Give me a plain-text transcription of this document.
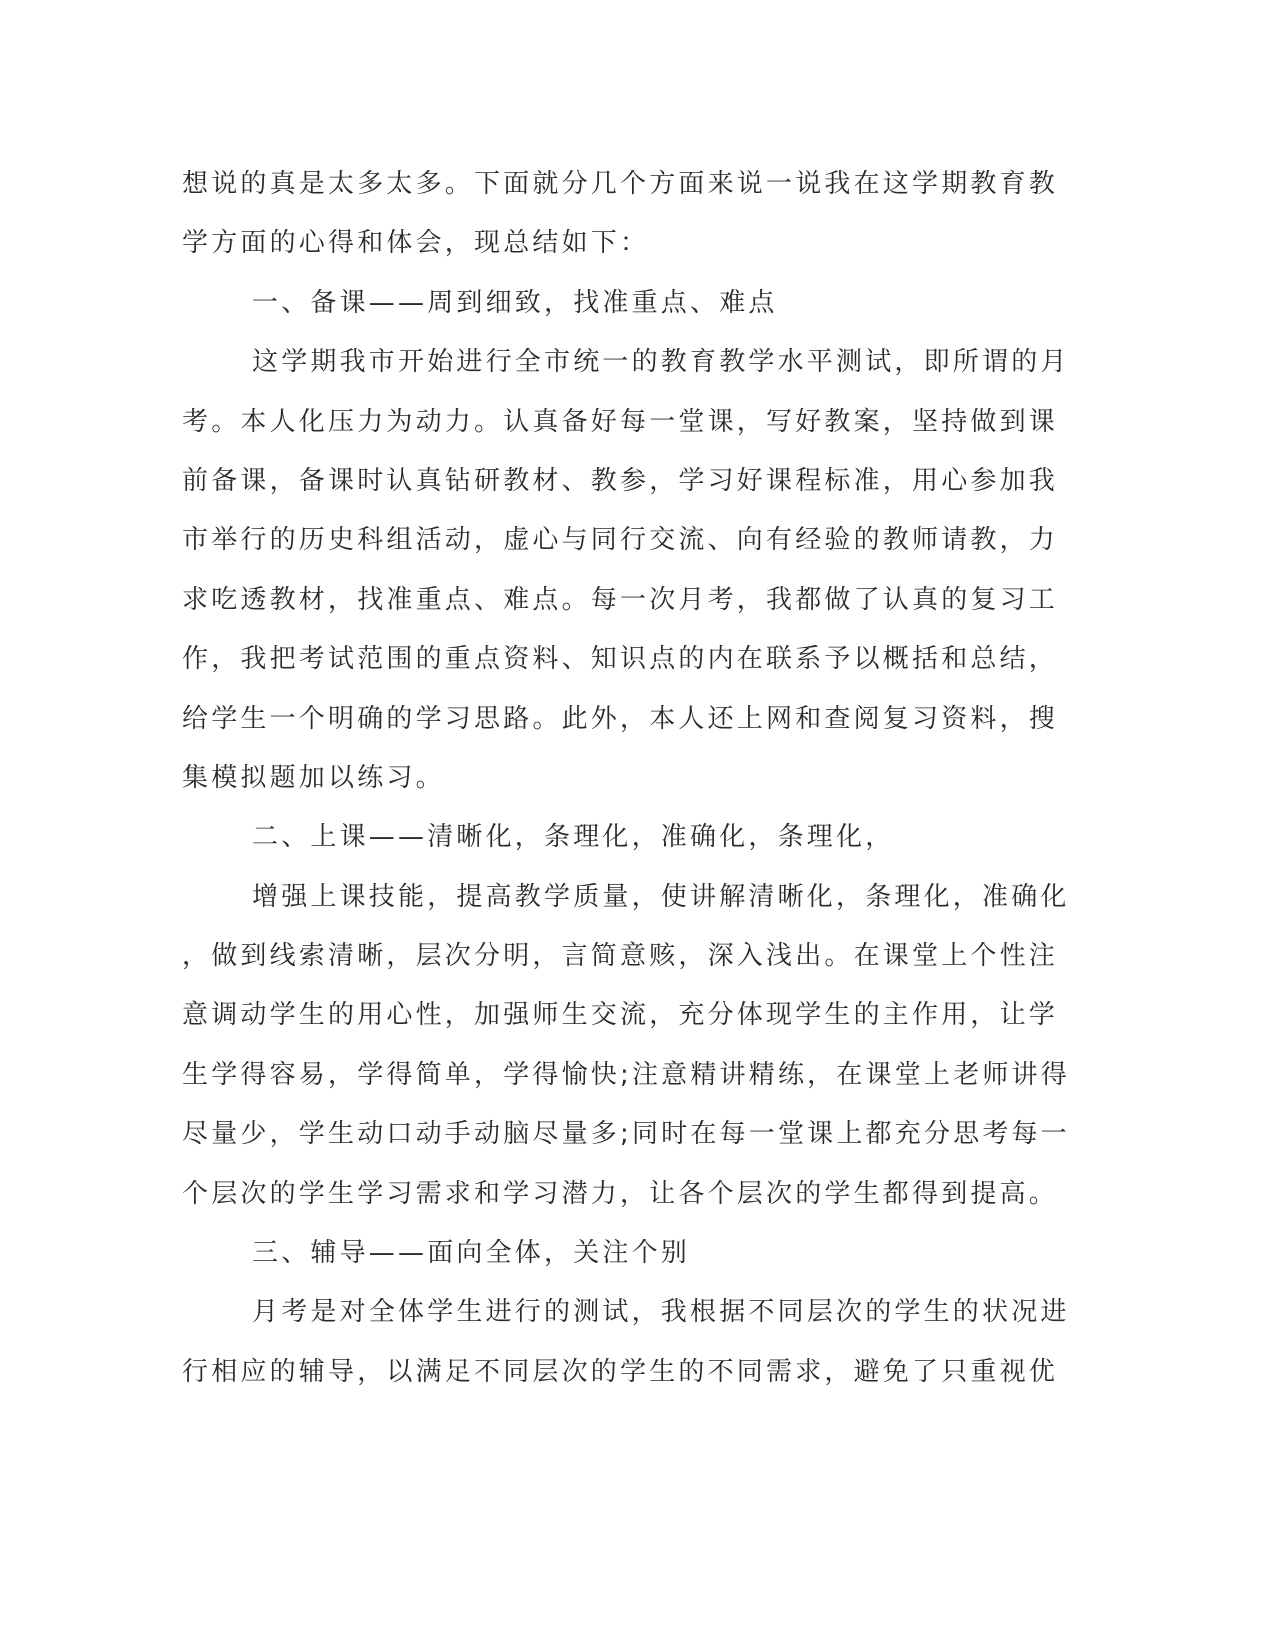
想说的真是太多太多。下面就分几个方面来说一说我在这学期教育教
学方面的心得和体会，现总结如下：
一、备课——周到细致，找准重点、难点
这学期我市开始进行全市统一的教育教学水平测试，即所谓的月
考。本人化压力为动力。认真备好每一堂课，写好教案，坚持做到课
前备课，备课时认真钻研教材、教参，学习好课程标准，用心参加我
市举行的历史科组活动，虚心与同行交流、向有经验的教师请教，力
求吃透教材，找准重点、难点。每一次月考，我都做了认真的复习工
作，我把考试范围的重点资料、知识点的内在联系予以概括和总结，
给学生一个明确的学习思路。此外，本人还上网和查阅复习资料，搜
集模拟题加以练习。
二、上课——清晰化，条理化，准确化，条理化，
增强上课技能，提高教学质量，使讲解清晰化，条理化，准确化
，做到线索清晰，层次分明，言简意赅，深入浅出。在课堂上个性注
意调动学生的用心性，加强师生交流，充分体现学生的主作用，让学
生学得容易，学得简单，学得愉快;注意精讲精练，在课堂上老师讲得
尽量少，学生动口动手动脑尽量多;同时在每一堂课上都充分思考每一
个层次的学生学习需求和学习潜力，让各个层次的学生都得到提高。
三、辅导——面向全体，关注个别
月考是对全体学生进行的测试，我根据不同层次的学生的状况进
行相应的辅导，以满足不同层次的学生的不同需求，避免了只重视优
